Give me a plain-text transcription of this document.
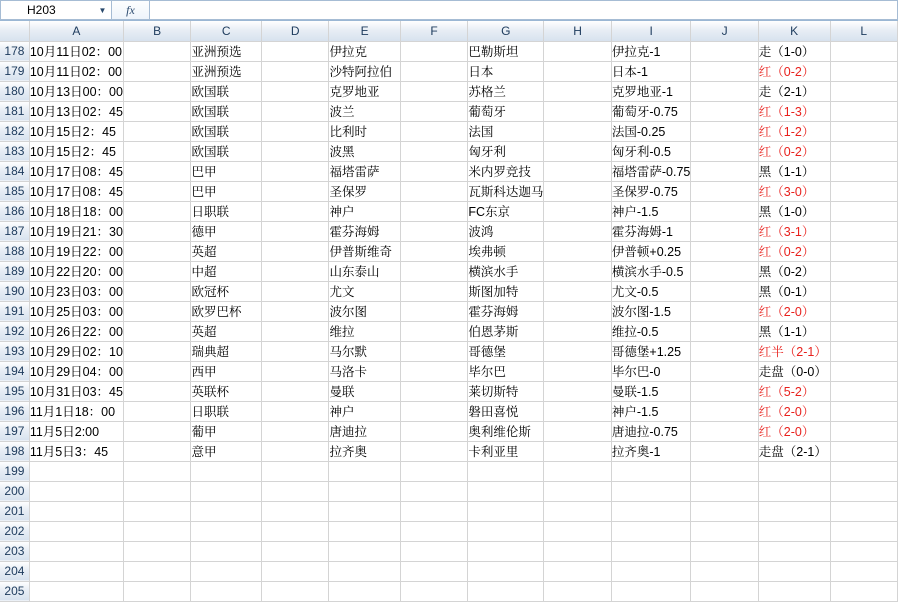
H203	▼ fx
	A	B	C	D	E	F	G	H	I	J	K	L
178	10月11日02：00		亚洲预选		伊拉克		巴勒斯坦		伊拉克-1		走（1-0）	
179	10月11日02：00		亚洲预选		沙特阿拉伯		日本		日本-1		红（0-2）	
180	10月13日00：00		欧国联		克罗地亚		苏格兰		克罗地亚-1		走（2-1）	
181	10月13日02：45		欧国联		波兰		葡萄牙		葡萄牙-0.75		红（1-3）	
182	10月15日2：45		欧国联		比利时		法国		法国-0.25		红（1-2）	
183	10月15日2：45		欧国联		波黑		匈牙利		匈牙利-0.5		红（0-2）	
184	10月17日08：45		巴甲		福塔雷萨		米内罗竞技		福塔雷萨-0.75		黑（1-1）	
185	10月17日08：45		巴甲		圣保罗		瓦斯科达迦马		圣保罗-0.75		红（3-0）	
186	10月18日18：00		日职联		神户		FC东京		神户-1.5		黑（1-0）	
187	10月19日21：30		德甲		霍芬海姆		波鸿		霍芬海姆-1		红（3-1）	
188	10月19日22：00		英超		伊普斯维奇		埃弗顿		伊普顿+0.25		红（0-2）	
189	10月22日20：00		中超		山东泰山		横滨水手		横滨水手-0.5		黑（0-2）	
190	10月23日03：00		欧冠杯		尤文		斯图加特		尤文-0.5		黑（0-1）	
191	10月25日03：00		欧罗巴杯		波尔图		霍芬海姆		波尔图-1.5		红（2-0）	
192	10月26日22：00		英超		维拉		伯恩茅斯		维拉-0.5		黑（1-1）	
193	10月29日02：10		瑞典超		马尔默		哥德堡		哥德堡+1.25		红半（2-1）	
194	10月29日04：00		西甲		马洛卡		毕尔巴		毕尔巴-0		走盘（0-0）	
195	10月31日03：45		英联杯		曼联		莱切斯特		曼联-1.5		红（5-2）	
196	11月1日18：00		日职联		神户		磐田喜悦		神户-1.5		红（2-0）	
197	11月5日2:00		葡甲		唐迪拉		奥利维伦斯		唐迪拉-0.75		红（2-0）	
198	11月5日3：45		意甲		拉齐奥		卡利亚里		拉齐奥-1		走盘（2-1）	
199												
200												
201												
202												
203												
204												
205												
